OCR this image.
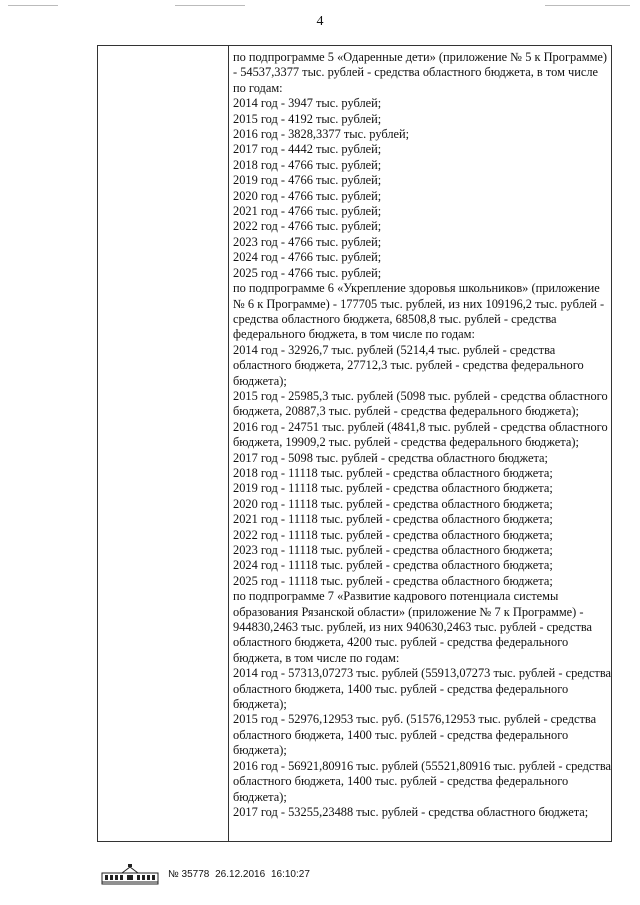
4

по подпрограмме 5 «Одаренные дети» (приложение № 5 к Программе) - 54537,3377 тыс. рублей - средства областного бюджета, в том числе по годам:

2014 год - 3947 тыс. рублей;

2015 год - 4192 тыс. рублей;

2016 год - 3828,3377 тыс. рублей;

2017 год - 4442 тыс. рублей;

2018 год - 4766 тыс. рублей;

2019 год - 4766 тыс. рублей;

2020 год - 4766 тыс. рублей;

2021 год - 4766 тыс. рублей;

2022 год - 4766 тыс. рублей;

2023 год - 4766 тыс. рублей;

2024 год - 4766 тыс. рублей;

2025 год - 4766 тыс. рублей;

по подпрограмме 6 «Укрепление здоровья школьников» (приложение № 6 к Программе) - 177705 тыс. рублей, из них 109196,2 тыс. рублей - средства областного бюджета, 68508,8 тыс. рублей - средства федерального бюджета, в том числе по годам:

2014 год - 32926,7 тыс. рублей (5214,4 тыс. рублей - средства областного бюджета, 27712,3 тыс. рублей - средства федерального бюджета);

2015 год - 25985,3 тыс. рублей (5098 тыс. рублей - средства областного бюджета, 20887,3 тыс. рублей - средства федерального бюджета);

2016 год - 24751 тыс. рублей (4841,8 тыс. рублей - средства областного бюджета, 19909,2 тыс. рублей - средства федерального бюджета);

2017 год - 5098 тыс. рублей - средства областного бюджета;

2018 год - 11118 тыс. рублей - средства областного бюджета;

2019 год - 11118 тыс. рублей - средства областного бюджета;

2020 год - 11118 тыс. рублей - средства областного бюджета;

2021 год - 11118 тыс. рублей - средства областного бюджета;

2022 год - 11118 тыс. рублей - средства областного бюджета;

2023 год - 11118 тыс. рублей - средства областного бюджета;

2024 год - 11118 тыс. рублей - средства областного бюджета;

2025 год - 11118 тыс. рублей - средства областного бюджета;

по подпрограмме 7 «Развитие кадрового потенциала системы образования Рязанской области» (приложение № 7 к Программе) - 944830,2463 тыс. рублей, из них 940630,2463 тыс. рублей - средства областного бюджета, 4200 тыс. рублей - средства федерального бюджета, в том числе по годам:

2014 год - 57313,07273 тыс. рублей (55913,07273 тыс. рублей - средства областного бюджета, 1400 тыс. рублей - средства федерального бюджета);

2015 год - 52976,12953 тыс. руб. (51576,12953 тыс. рублей - средства областного бюджета, 1400 тыс. рублей - средства федерального бюджета);

2016 год - 56921,80916 тыс. рублей (55521,80916 тыс. рублей - средства областного бюджета, 1400 тыс. рублей - средства федерального бюджета);

2017 год - 53255,23488 тыс. рублей - средства областного бюджета;

№ 35778 26.12.2016 16:10:27
